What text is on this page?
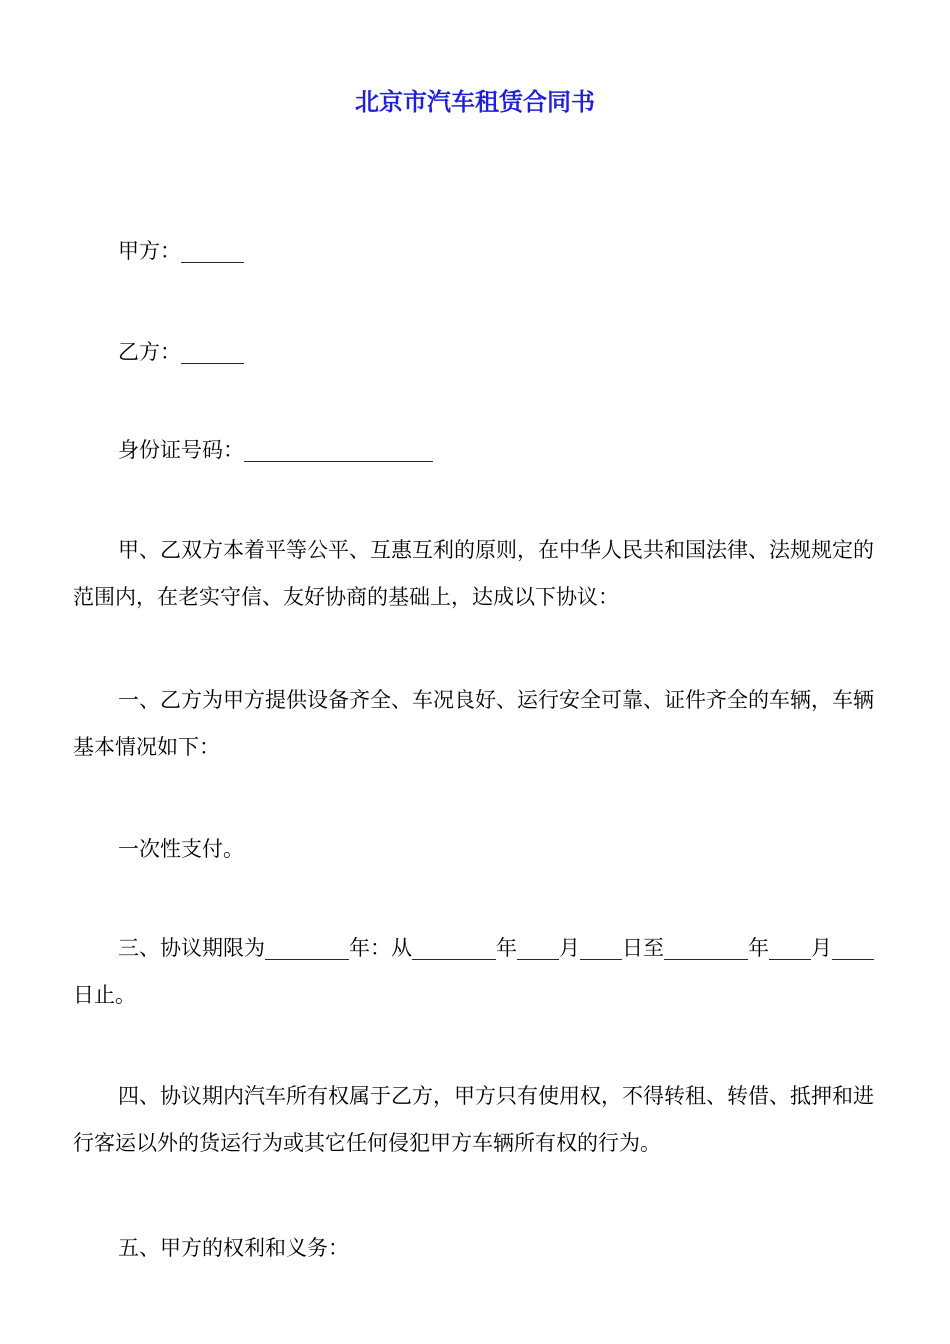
北京市汽车租赁合同书

甲方：______

乙方：______

身份证号码：__________________

甲、乙双方本着平等公平、互惠互利的原则，在中华人民共和国法律、法规规定的范围内，在老实守信、友好协商的基础上，达成以下协议：

一、乙方为甲方提供设备齐全、车况良好、运行安全可靠、证件齐全的车辆，车辆基本情况如下：

一次性支付。

三、协议期限为________年：从________年____月____日至________年____月____日止。

四、协议期内汽车所有权属于乙方，甲方只有使用权，不得转租、转借、抵押和进行客运以外的货运行为或其它任何侵犯甲方车辆所有权的行为。

五、甲方的权利和义务：
